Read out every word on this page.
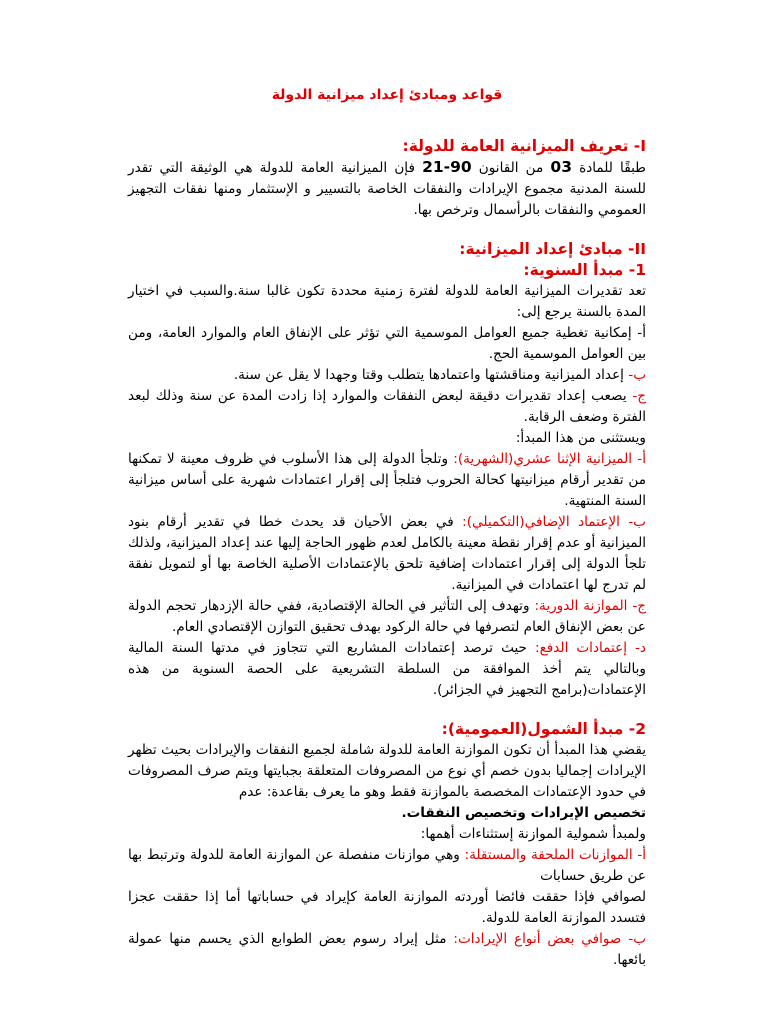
قواعد ومبادئ إعداد ميزانية الدولة

I- تعريف الميزانية العامة للدولة:

طبقًا للمادة 03 من القانون 90-21 فإن الميزانية العامة للدولة هي الوثيقة التي تقدر للسنة المدنية مجموع الإيرادات والنفقات الخاصة بالتسيير و الإستثمار ومنها نفقات التجهيز العمومي والنفقات بالرأسمال وترخص بها.

II- مبادئ إعداد الميزانية:

1- مبدأ السنوية:

تعد تقديرات الميزانية العامة للدولة لفترة زمنية محددة تكون غالبا سنة.والسبب في اختيار المدة بالسنة يرجع إلى:

أ- إمكانية تغطية جميع العوامل الموسمية التي تؤثر على الإنفاق العام والموارد العامة، ومن بين العوامل الموسمية الحج.

ب- إعداد الميزانية ومناقشتها واعتمادها يتطلب وقتا وجهدا لا يقل عن سنة.

ج- يصعب إعداد تقديرات دقيقة لبعض النفقات والموارد إذا زادت المدة عن سنة وذلك لبعد الفترة وضعف الرقابة.

ويستثنى من هذا المبدأ:

أ- الميزانية الإثنا عشري(الشهرية): وتلجأ الدولة إلى هذا الأسلوب في ظروف معينة لا تمكنها من تقدير أرقام ميزانيتها كحالة الحروب فتلجأ إلى إقرار اعتمادات شهرية على أساس ميزانية السنة المنتهية.

ب- الإعتماد الإضافي(التكميلي): في بعض الأحيان قد يحدث خطا في تقدير أرقام بنود الميزانية أو عدم إقرار نقطة معينة بالكامل لعدم ظهور الحاجة إليها عند إعداد الميزانية، ولذلك تلجأ الدولة إلى إقرار اعتمادات إضافية تلحق بالإعتمادات الأصلية الخاصة بها أو لتمويل نفقة لم تدرج لها اعتمادات في الميزانية.

ج- الموازنة الدورية: وتهدف إلى التأثير في الحالة الإقتصادية، ففي حالة الإزدهار تحجم الدولة عن بعض الإنفاق العام لتصرفها في حالة الركود بهدف تحقيق التوازن الإقتصادي العام.

د- إعتمادات الدفع: حيث ترصد إعتمادات المشاريع التي تتجاوز في مدتها السنة المالية وبالتالي يتم أخذ الموافقة من السلطة التشريعية على الحصة السنوية من هذه الإعتمادات(برامج التجهيز في الجزائر).

2- مبدأ الشمول(العمومية):

يقضي هذا المبدأ أن تكون الموازنة العامة للدولة شاملة لجميع النفقات والإيرادات بحيث تظهر الإيرادات إجماليا بدون خصم أي نوع من المصروفات المتعلقة بجبايتها ويتم صرف المصروفات في حدود الإعتمادات المخصصة بالموازنة فقط وهو ما يعرف بقاعدة: عدم

تخصيص الإيرادات وتخصيص النفقات.

ولمبدأ شمولية الموازنة إستثناءات أهمها:

أ- الموازنات الملحقة والمستقلة: وهي موازنات منفصلة عن الموازنة العامة للدولة وترتبط بها عن طريق حسابات

لصوافي فإذا حققت فائضا أوردته الموازنة العامة كإيراد في حساباتها أما إذا حققت عجزا فتسدد الموازنة العامة للدولة.

ب- صوافي بعض أنواع الإيرادات: مثل إيراد رسوم بعض الطوابع الذي يحسم منها عمولة بائعها.
